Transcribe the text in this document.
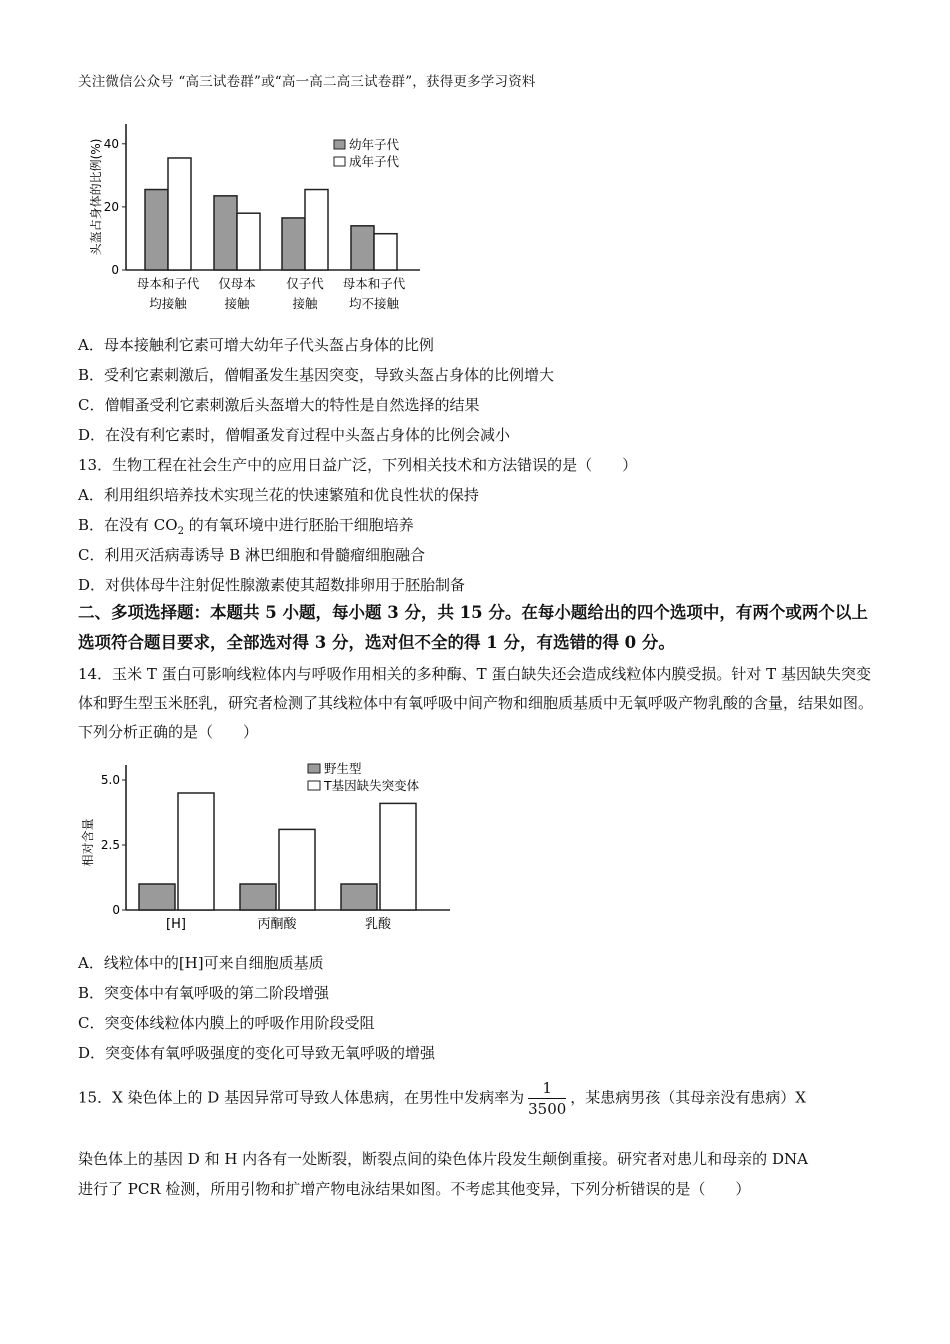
关注微信公众号 “高三试卷群”或“高一高二高三试卷群”，获得更多学习资料
40
20
0
头盔占身体的比例(%)
母本和子代
均接触
仅母本
接触
仅子代
接触
母本和子代
均不接触
幼年子代
成年子代
A．母本接触利它素可增大幼年子代头盔占身体的比例
B．受利它素刺激后，僧帽蚤发生基因突变，导致头盔占身体的比例增大
C．僧帽蚤受利它素刺激后头盔增大的特性是自然选择的结果
D．在没有利它素时，僧帽蚤发育过程中头盔占身体的比例会减小
13．生物工程在社会生产中的应用日益广泛，下列相关技术和方法错误的是（　　）
A．利用组织培养技术实现兰花的快速繁殖和优良性状的保持
B．在没有 $CO_2$ 的有氧环境中进行胚胎干细胞培养
C．利用灭活病毒诱导 B 淋巴细胞和骨髓瘤细胞融合
D．对供体母牛注射促性腺激素使其超数排卵用于胚胎制备
二、多项选择题：本题共 5 小题，每小题 3 分，共 15 分。在每小题给出的四个选项中，有两个或两个以上选项符合题目要求，全部选对得 3 分，选对但不全的得 1 分，有选错的得 0 分。
14．玉米 T 蛋白可影响线粒体内与呼吸作用相关的多种酶、T 蛋白缺失还会造成线粒体内膜受损。针对 T 基因缺失突变体和野生型玉米胚乳，研究者检测了其线粒体中有氧呼吸中间产物和细胞质基质中无氧呼吸产物乳酸的含量，结果如图。下列分析正确的是（　　）
5.0
2.5
0
相对含量
[H]	丙酮酸	乳酸
野生型
T基因缺失突变体
A．线粒体中的[H]可来自细胞质基质
B．突变体中有氧呼吸的第二阶段增强
C．突变体线粒体内膜上的呼吸作用阶段受阻
D．突变体有氧呼吸强度的变化可导致无氧呼吸的增强
15．X 染色体上的 D 基因异常可导致人体患病，在男性中发病率为 $\frac{1}{3500}$ ，某患病男孩（其母亲没有患病）X
染色体上的基因 D 和 H 内各有一处断裂，断裂点间的染色体片段发生颠倒重接。研究者对患儿和母亲的 DNA
进行了 PCR 检测，所用引物和扩增产物电泳结果如图。不考虑其他变异，下列分析错误的是（　　）
